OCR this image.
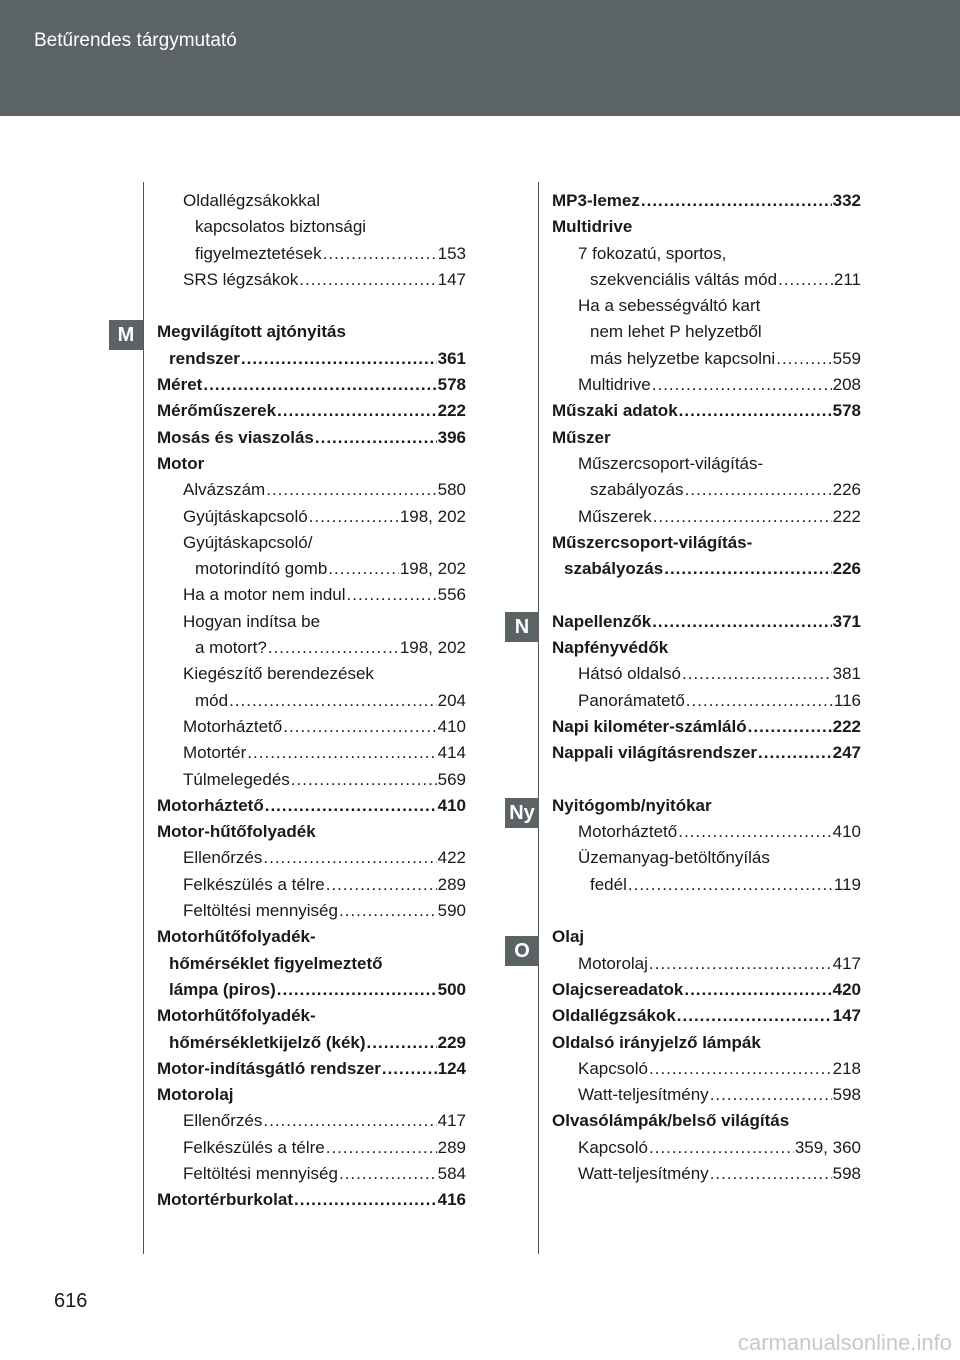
Betűrendes tárgymutató
Oldallégzsákokkal
kapcsolatos biztonsági
figyelmeztetések .....	153
SRS légzsákok .....	147
Megvilágított ajtónyitás
rendszer .....	361
Méret .....	578
Mérőműszerek .....	222
Mosás és viaszolás .....	396
Motor
Alvázszám .....	580
Gyújtáskapcsoló .....	198, 202
Gyújtáskapcsoló/
motorindító gomb .....	198, 202
Ha a motor nem indul .....	556
Hogyan indítsa be
a motort? .....	198, 202
Kiegészítő berendezések
mód .....	204
Motorháztető .....	410
Motortér .....	414
Túlmelegedés .....	569
Motorháztető .....	410
Motor-hűtőfolyadék
Ellenőrzés .....	422
Felkészülés a télre .....	289
Feltöltési mennyiség .....	590
Motorhűtőfolyadék-
hőmérséklet figyelmeztető
lámpa (piros) .....	500
Motorhűtőfolyadék-
hőmérsékletkijelző (kék) .....	229
Motor-indításgátló rendszer .....	124
Motorolaj
Ellenőrzés .....	417
Felkészülés a télre .....	289
Feltöltési mennyiség .....	584
Motortérburkolat .....	416
MP3-lemez .....	332
Multidrive
7 fokozatú, sportos,
szekvenciális váltás mód .....	211
Ha a sebességváltó kart
nem lehet P helyzetből
más helyzetbe kapcsolni .....	559
Multidrive .....	208
Műszaki adatok .....	578
Műszer
Műszercsoport-világítás-
szabályozás .....	226
Műszerek .....	222
Műszercsoport-világítás-
szabályozás .....	226
Napellenzők .....	371
Napfényvédők
Hátsó oldalsó .....	381
Panorámatető .....	116
Napi kilométer-számláló .....	222
Nappali világításrendszer .....	247
Nyitógomb/nyitókar
Motorháztető .....	410
Üzemanyag-betöltőnyílás
fedél .....	119
Olaj
Motorolaj .....	417
Olajcsereadatok .....	420
Oldallégzsákok .....	147
Oldalsó irányjelző lámpák
Kapcsoló .....	218
Watt-teljesítmény .....	598
Olvasólámpák/belső világítás
Kapcsoló .....	359, 360
Watt-teljesítmény .....	598
M
N
Ny
O
616
carmanualsonline.info
